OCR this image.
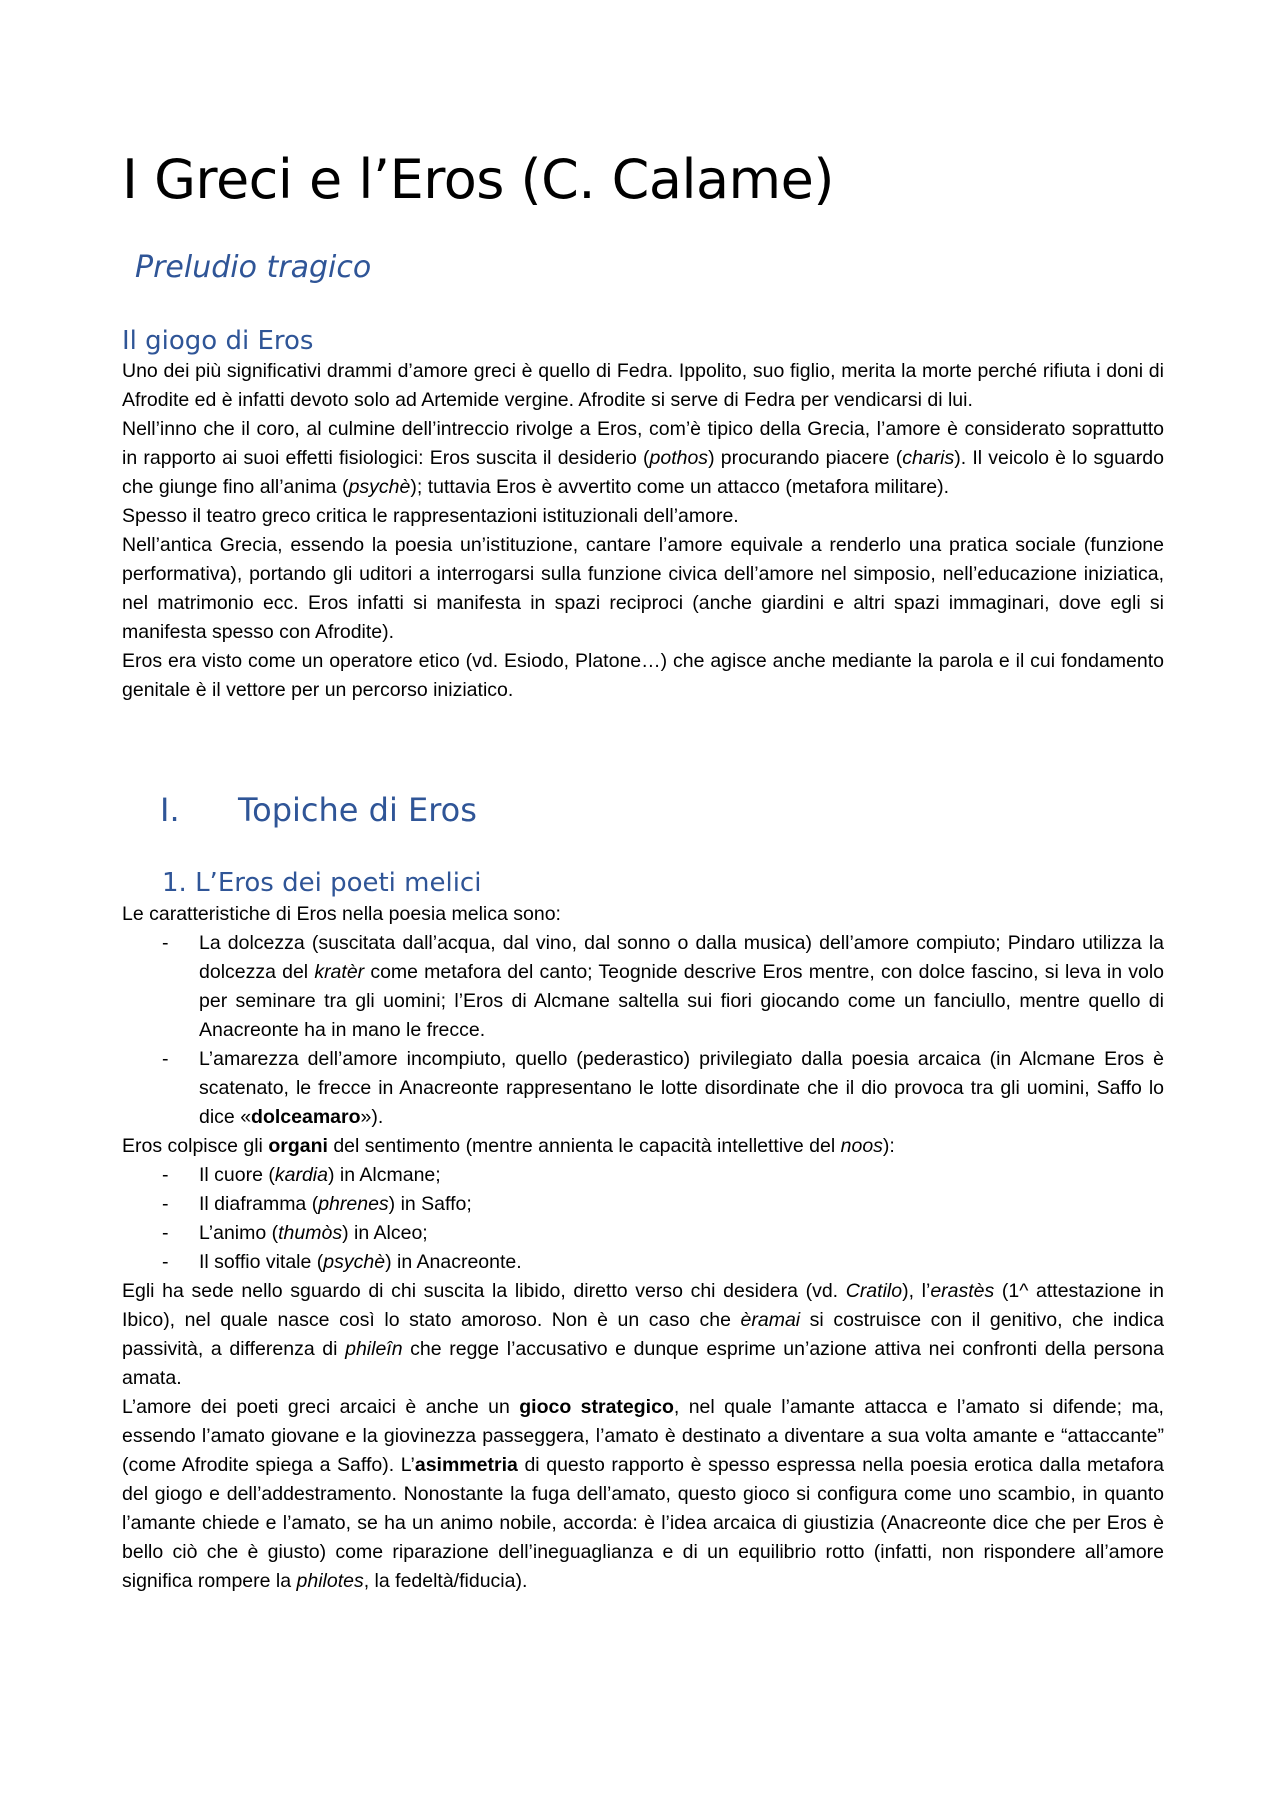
I Greci e l’Eros (C. Calame)
Preludio tragico
Il giogo di Eros

Uno dei più significativi drammi d’amore greci è quello di Fedra. Ippolito, suo figlio, merita la morte perché rifiuta i doni di Afrodite ed è infatti devoto solo ad Artemide vergine. Afrodite si serve di Fedra per vendicarsi di lui.

Nell’inno che il coro, al culmine dell’intreccio rivolge a Eros, com’è tipico della Grecia, l’amore è considerato soprattutto in rapporto ai suoi effetti fisiologici: Eros suscita il desiderio (pothos) procurando piacere (charis). Il veicolo è lo sguardo che giunge fino all’anima (psychè); tuttavia Eros è avvertito come un attacco (metafora militare).

Spesso il teatro greco critica le rappresentazioni istituzionali dell’amore.

Nell’antica Grecia, essendo la poesia un’istituzione, cantare l’amore equivale a renderlo una pratica sociale (funzione performativa), portando gli uditori a interrogarsi sulla funzione civica dell’amore nel simposio, nell’educazione iniziatica, nel matrimonio ecc. Eros infatti si manifesta in spazi reciproci (anche giardini e altri spazi immaginari, dove egli si manifesta spesso con Afrodite).

Eros era visto come un operatore etico (vd. Esiodo, Platone…) che agisce anche mediante la parola e il cui fondamento genitale è il vettore per un percorso iniziatico.

I. Topiche di Eros
1. L’Eros dei poeti melici

Le caratteristiche di Eros nella poesia melica sono:

- La dolcezza (suscitata dall’acqua, dal vino, dal sonno o dalla musica) dell’amore compiuto; Pindaro utilizza la dolcezza del kratèr come metafora del canto; Teognide descrive Eros mentre, con dolce fascino, si leva in volo per seminare tra gli uomini; l’Eros di Alcmane saltella sui fiori giocando come un fanciullo, mentre quello di Anacreonte ha in mano le frecce.
- L’amarezza dell’amore incompiuto, quello (pederastico) privilegiato dalla poesia arcaica (in Alcmane Eros è scatenato, le frecce in Anacreonte rappresentano le lotte disordinate che il dio provoca tra gli uomini, Saffo lo dice «dolceamaro»).

Eros colpisce gli organi del sentimento (mentre annienta le capacità intellettive del noos):

- Il cuore (kardia) in Alcmane;
- Il diaframma (phrenes) in Saffo;
- L’animo (thumòs) in Alceo;
- Il soffio vitale (psychè) in Anacreonte.

Egli ha sede nello sguardo di chi suscita la libido, diretto verso chi desidera (vd. Cratilo), l’erastès (1^ attestazione in Ibico), nel quale nasce così lo stato amoroso. Non è un caso che èramai si costruisce con il genitivo, che indica passività, a differenza di phileîn che regge l’accusativo e dunque esprime un’azione attiva nei confronti della persona amata.

L’amore dei poeti greci arcaici è anche un gioco strategico, nel quale l’amante attacca e l’amato si difende; ma, essendo l’amato giovane e la giovinezza passeggera, l’amato è destinato a diventare a sua volta amante e “attaccante” (come Afrodite spiega a Saffo). L’asimmetria di questo rapporto è spesso espressa nella poesia erotica dalla metafora del giogo e dell’addestramento. Nonostante la fuga dell’amato, questo gioco si configura come uno scambio, in quanto l’amante chiede e l’amato, se ha un animo nobile, accorda: è l’idea arcaica di giustizia (Anacreonte dice che per Eros è bello ciò che è giusto) come riparazione dell’ineguaglianza e di un equilibrio rotto (infatti, non rispondere all’amore significa rompere la philotes, la fedeltà/fiducia).
